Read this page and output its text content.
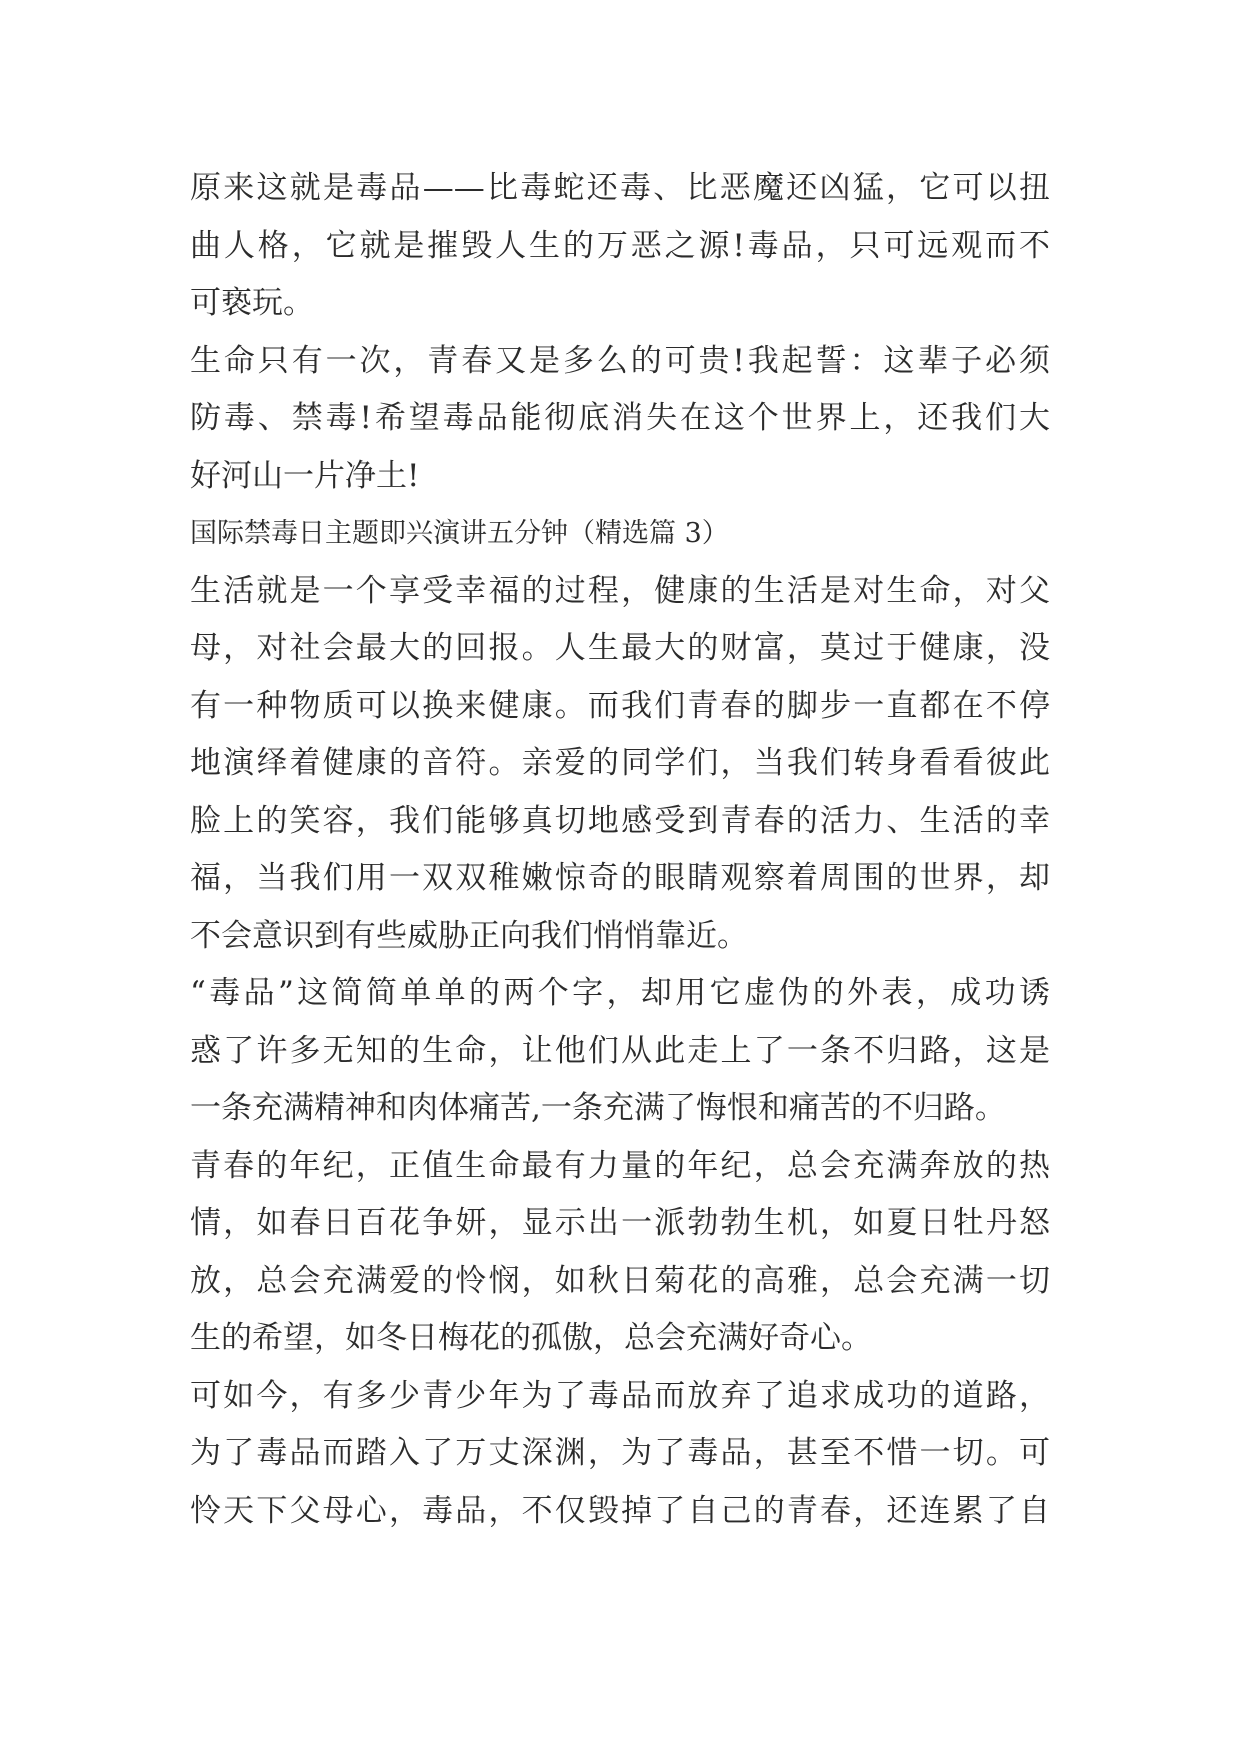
原来这就是毒品——比毒蛇还毒、比恶魔还凶猛，它可以扭
曲人格，它就是摧毁人生的万恶之源!毒品，只可远观而不
可亵玩。
生命只有一次，青春又是多么的可贵!我起誓：这辈子必须
防毒、禁毒!希望毒品能彻底消失在这个世界上，还我们大
好河山一片净土!
国际禁毒日主题即兴演讲五分钟（精选篇 3）
生活就是一个享受幸福的过程，健康的生活是对生命，对父
母，对社会最大的回报。人生最大的财富，莫过于健康，没
有一种物质可以换来健康。而我们青春的脚步一直都在不停
地演绎着健康的音符。亲爱的同学们，当我们转身看看彼此
脸上的笑容，我们能够真切地感受到青春的活力、生活的幸
福，当我们用一双双稚嫩惊奇的眼睛观察着周围的世界，却
不会意识到有些威胁正向我们悄悄靠近。
“毒品”这简简单单的两个字，却用它虚伪的外表，成功诱
惑了许多无知的生命，让他们从此走上了一条不归路，这是
一条充满精神和肉体痛苦,一条充满了悔恨和痛苦的不归路。
青春的年纪，正值生命最有力量的年纪，总会充满奔放的热
情，如春日百花争妍，显示出一派勃勃生机，如夏日牡丹怒
放，总会充满爱的怜悯，如秋日菊花的高雅，总会充满一切
生的希望，如冬日梅花的孤傲，总会充满好奇心。
可如今，有多少青少年为了毒品而放弃了追求成功的道路，
为了毒品而踏入了万丈深渊，为了毒品，甚至不惜一切。可
怜天下父母心，毒品，不仅毁掉了自己的青春，还连累了自
